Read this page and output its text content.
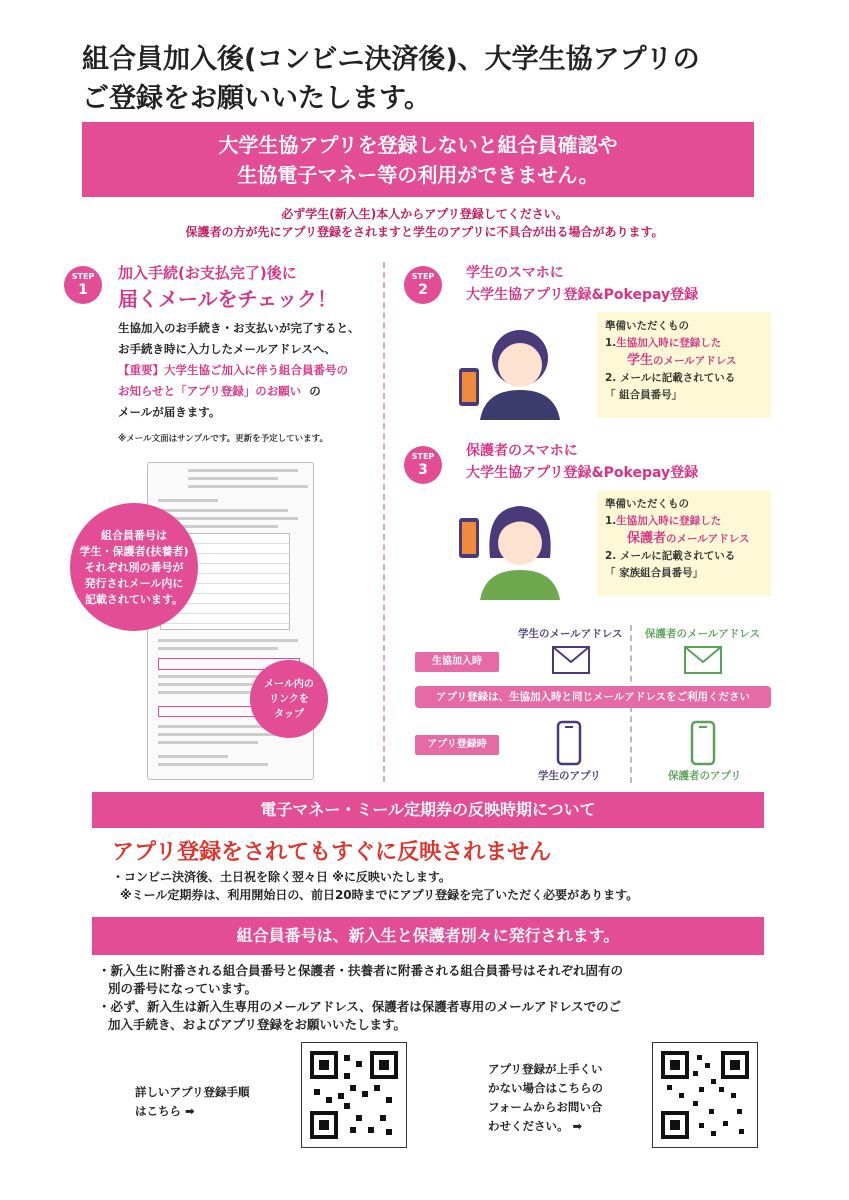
組合員加入後(コンビニ決済後)、大学生協アプリの
ご登録をお願いいたします。
大学生協アプリを登録しないと組合員確認や
生協電子マネー等の利用ができません。
必ず学生(新入生)本人からアプリ登録してください。
保護者の方が先にアプリ登録をされますと学生のアプリに不具合が出る場合があります。
STEP
1
加入手続(お支払完了)後に
届くメールをチェック！
生協加入のお手続き・お支払いが完了すると、
お手続き時に入力したメールアドレスへ、
【重要】大学生協ご加入に伴う組合員番号の
お知らせと「アプリ登録」のお願い の
メールが届きます。
※メール文面はサンプルです。更新を予定しています。
組合員番号は
学生・保護者(扶養者)
それぞれ別の番号が
発行されメール内に
記載されています。
メール内の
リンクを
タップ
STEP
2
学生のスマホに
大学生協アプリ登録&Pokepay登録
準備いただくもの
1.生協加入時に登録した
学生のメールアドレス
2. メールに記載されている
「 組合員番号」
STEP
3
保護者のスマホに
大学生協アプリ登録&Pokepay登録
準備いただくもの
1.生協加入時に登録した
保護者のメールアドレス
2. メールに記載されている
「 家族組合員番号」
学生のメールアドレス 保護者のメールアドレス
生協加入時
アプリ登録は、生協加入時と同じメールアドレスをご利用ください
アプリ登録時
学生のアプリ	保護者のアプリ
電子マネー・ミール定期券の反映時期について
アプリ登録をされてもすぐに反映されません
・コンビニ決済後、土日祝を除く翌々日 ※に反映いたします。
※ミール定期券は、利用開始日の、前日20時までにアプリ登録を完了いただく必要があります。
組合員番号は、新入生と保護者別々に発行されます。
・新入生に附番される組合員番号と保護者・扶養者に附番される組合員番号はそれぞれ固有の
別の番号になっています。
・必ず、新入生は新入生専用のメールアドレス、保護者は保護者専用のメールアドレスでのご
加入手続き、およびアプリ登録をお願いいたします。
詳しいアプリ登録手順
はこちら ➡
アプリ登録が上手くい
かない場合はこちらの
フォームからお問い合
わせください。 ➡
